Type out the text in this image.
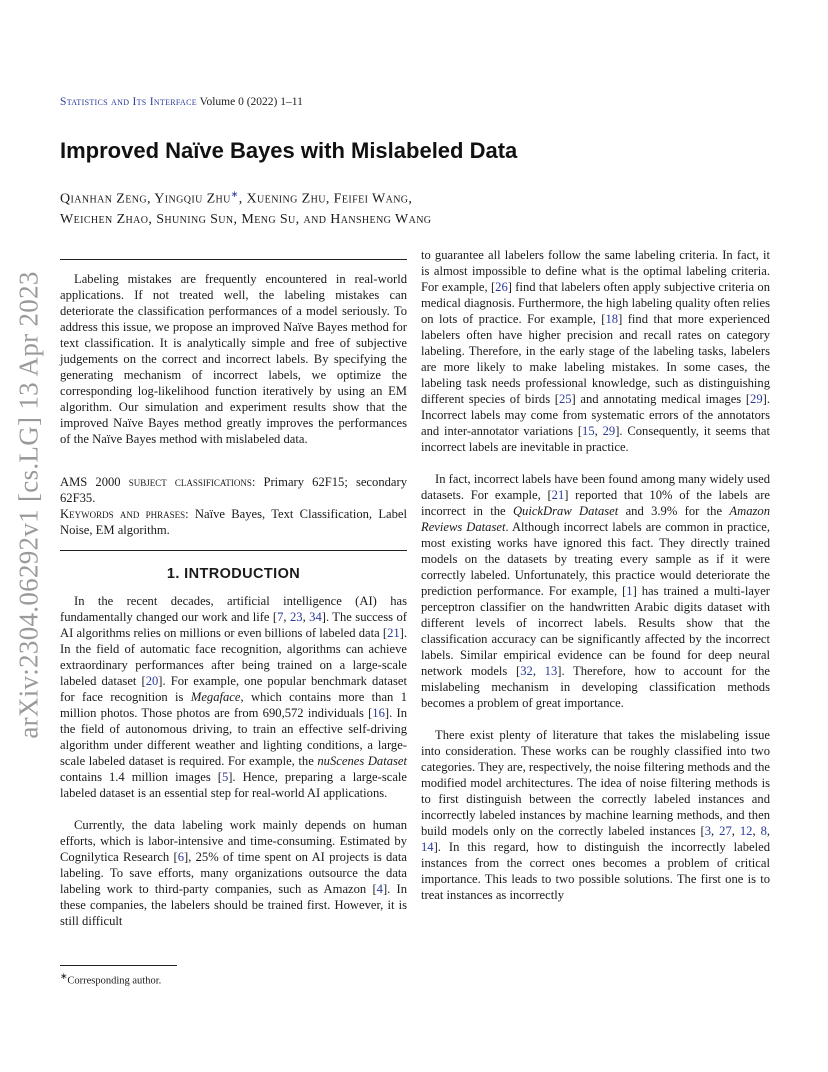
Statistics and Its Interface Volume 0 (2022) 1–11
Improved Naïve Bayes with Mislabeled Data
Qianhan Zeng, Yingqiu Zhu∗, Xuening Zhu, Feifei Wang,
Weichen Zhao, Shuning Sun, Meng Su, and Hansheng Wang
arXiv:2304.06292v1 [cs.LG] 13 Apr 2023	Labeling mistakes are frequently encountered in real-world applications. If not treated well, the labeling mistakes can deteriorate the classification performances of a model seriously. To address this issue, we propose an improved Naïve Bayes method for text classification. It is analytically simple and free of subjective judgements on the correct and incorrect labels. By specifying the generating mechanism of incorrect labels, we optimize the corresponding log-likelihood function iteratively by using an EM algorithm. Our simulation and experiment results show that the improved Naïve Bayes method greatly improves the performances of the Naïve Bayes method with mislabeled data.

AMS 2000 subject classifications: Primary 62F15; secondary 62F35.

Keywords and phrases: Naïve Bayes, Text Classification, Label Noise, EM algorithm.

1. INTRODUCTION

In the recent decades, artificial intelligence (AI) has fundamentally changed our work and life [7, 23, 34]. The success of AI algorithms relies on millions or even billions of labeled data [21]. In the field of automatic face recognition, algorithms can achieve extraordinary performances after being trained on a large-scale labeled dataset [20]. For example, one popular benchmark dataset for face recognition is Megaface, which contains more than 1 million photos. Those photos are from 690,572 individuals [16]. In the field of autonomous driving, to train an effective self-driving algorithm under different weather and lighting conditions, a large-scale labeled dataset is required. For example, the nuScenes Dataset contains 1.4 million images [5]. Hence, preparing a large-scale labeled dataset is an essential step for real-world AI applications.

Currently, the data labeling work mainly depends on human efforts, which is labor-intensive and time-consuming. Estimated by Cognilytica Research [6], 25% of time spent on AI projects is data labeling. To save efforts, many organizations outsource the data labeling work to third-party companies, such as Amazon [4]. In these companies, the labelers should be trained first. However, it is still difficult

∗Corresponding author.

to guarantee all labelers follow the same labeling criteria. In fact, it is almost impossible to define what is the optimal labeling criteria. For example, [26] find that labelers often apply subjective criteria on medical diagnosis. Furthermore, the high labeling quality often relies on lots of practice. For example, [18] find that more experienced labelers often have higher precision and recall rates on category labeling. Therefore, in the early stage of the labeling tasks, labelers are more likely to make labeling mistakes. In some cases, the labeling task needs professional knowledge, such as distinguishing different species of birds [25] and annotating medical images [29]. Incorrect labels may come from systematic errors of the annotators and inter-annotator variations [15, 29]. Consequently, it seems that incorrect labels are inevitable in practice.

In fact, incorrect labels have been found among many widely used datasets. For example, [21] reported that 10% of the labels are incorrect in the QuickDraw Dataset and 3.9% for the Amazon Reviews Dataset. Although incorrect labels are common in practice, most existing works have ignored this fact. They directly trained models on the datasets by treating every sample as if it were correctly labeled. Unfortunately, this practice would deteriorate the prediction performance. For example, [1] has trained a multi-layer perceptron classifier on the handwritten Arabic digits dataset with different levels of incorrect labels. Results show that the classification accuracy can be significantly affected by the incorrect labels. Similar empirical evidence can be found for deep neural network models [32, 13]. Therefore, how to account for the mislabeling mechanism in developing classification methods becomes a problem of great importance.

There exist plenty of literature that takes the mislabeling issue into consideration. These works can be roughly classified into two categories. They are, respectively, the noise filtering methods and the modified model architectures. The idea of noise filtering methods is to first distinguish between the correctly labeled instances and incorrectly labeled instances by machine learning methods, and then build models only on the correctly labeled instances [3, 27, 12, 8, 14]. In this regard, how to distinguish the incorrectly labeled instances from the correct ones becomes a problem of critical importance. This leads to two possible solutions. The first one is to treat instances as incorrectly
